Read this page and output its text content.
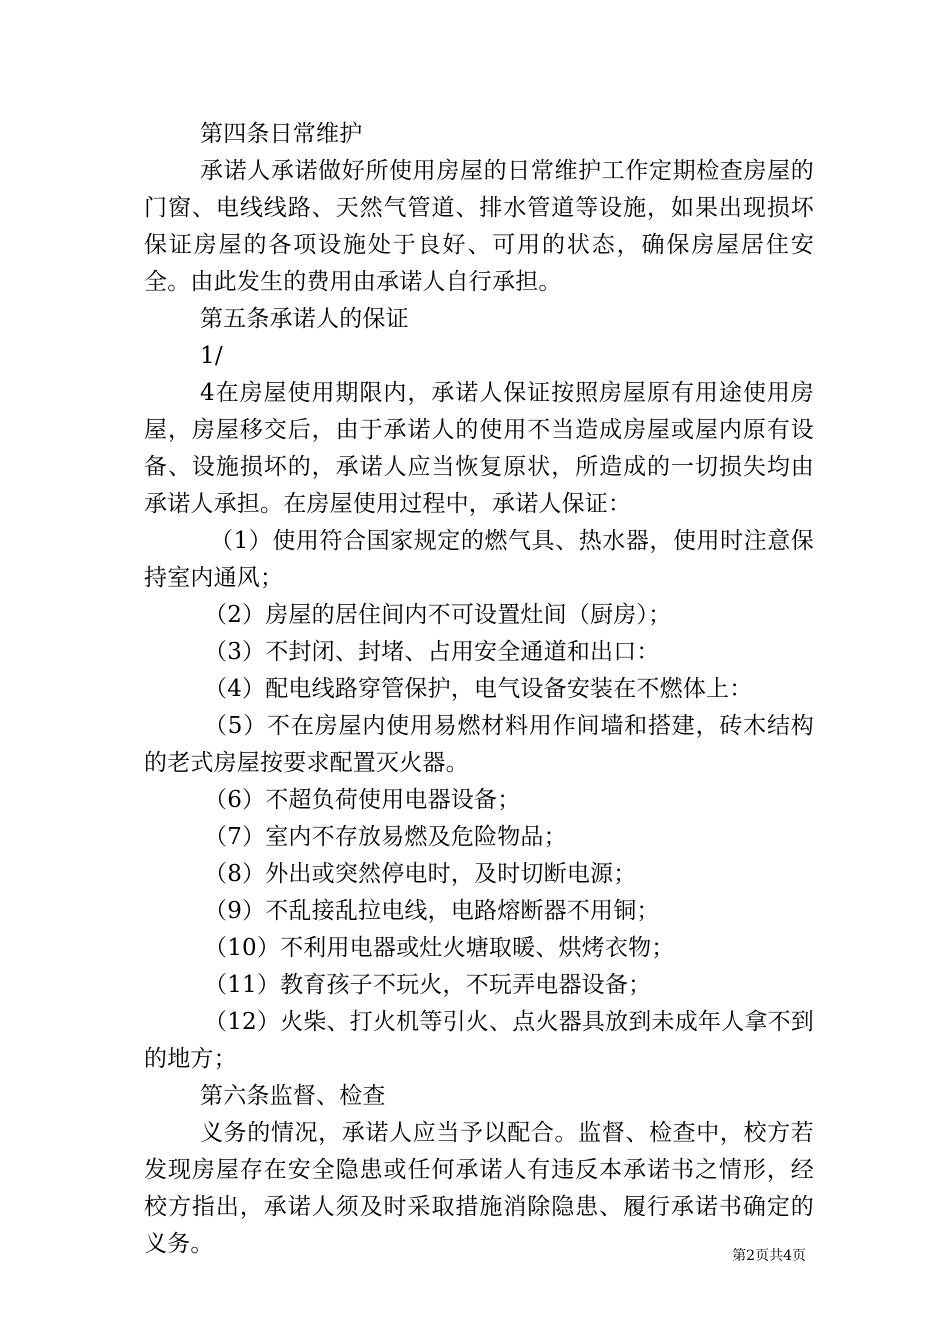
第四条日常维护

承诺人承诺做好所使用房屋的日常维护工作定期检查房屋的门窗、电线线路、天然气管道、排水管道等设施，如果出现损坏保证房屋的各项设施处于良好、可用的状态，确保房屋居住安全。由此发生的费用由承诺人自行承担。

第五条承诺人的保证

1/

4在房屋使用期限内，承诺人保证按照房屋原有用途使用房屋，房屋移交后，由于承诺人的使用不当造成房屋或屋内原有设备、设施损坏的，承诺人应当恢复原状，所造成的一切损失均由承诺人承担。在房屋使用过程中，承诺人保证：

（1）使用符合国家规定的燃气具、热水器，使用时注意保持室内通风；

（2）房屋的居住间内不可设置灶间（厨房）；

（3）不封闭、封堵、占用安全通道和出口：

（4）配电线路穿管保护，电气设备安装在不燃体上：

（5）不在房屋内使用易燃材料用作间墙和搭建，砖木结构的老式房屋按要求配置灭火器。

（6）不超负荷使用电器设备；

（7）室内不存放易燃及危险物品；

（8）外出或突然停电时，及时切断电源；

（9）不乱接乱拉电线，电路熔断器不用铜；

（10）不利用电器或灶火塘取暖、烘烤衣物；

（11）教育孩子不玩火，不玩弄电器设备；

（12）火柴、打火机等引火、点火器具放到未成年人拿不到的地方；

第六条监督、检查

义务的情况，承诺人应当予以配合。监督、检查中，校方若发现房屋存在安全隐患或任何承诺人有违反本承诺书之情形，经校方指出，承诺人须及时采取措施消除隐患、履行承诺书确定的义务。	第2页共4页
